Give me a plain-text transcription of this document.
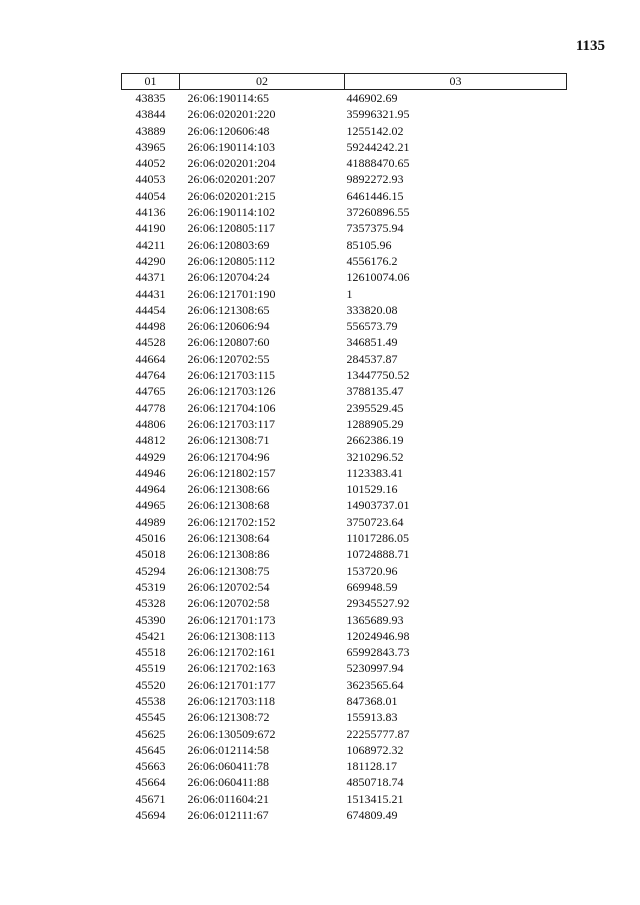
1135
01	02	03
43835	26:06:190114:65	446902.69
43844	26:06:020201:220	35996321.95
43889	26:06:120606:48	1255142.02
43965	26:06:190114:103	59244242.21
44052	26:06:020201:204	41888470.65
44053	26:06:020201:207	9892272.93
44054	26:06:020201:215	6461446.15
44136	26:06:190114:102	37260896.55
44190	26:06:120805:117	7357375.94
44211	26:06:120803:69	85105.96
44290	26:06:120805:112	4556176.2
44371	26:06:120704:24	12610074.06
44431	26:06:121701:190	1
44454	26:06:121308:65	333820.08
44498	26:06:120606:94	556573.79
44528	26:06:120807:60	346851.49
44664	26:06:120702:55	284537.87
44764	26:06:121703:115	13447750.52
44765	26:06:121703:126	3788135.47
44778	26:06:121704:106	2395529.45
44806	26:06:121703:117	1288905.29
44812	26:06:121308:71	2662386.19
44929	26:06:121704:96	3210296.52
44946	26:06:121802:157	1123383.41
44964	26:06:121308:66	101529.16
44965	26:06:121308:68	14903737.01
44989	26:06:121702:152	3750723.64
45016	26:06:121308:64	11017286.05
45018	26:06:121308:86	10724888.71
45294	26:06:121308:75	153720.96
45319	26:06:120702:54	669948.59
45328	26:06:120702:58	29345527.92
45390	26:06:121701:173	1365689.93
45421	26:06:121308:113	12024946.98
45518	26:06:121702:161	65992843.73
45519	26:06:121702:163	5230997.94
45520	26:06:121701:177	3623565.64
45538	26:06:121703:118	847368.01
45545	26:06:121308:72	155913.83
45625	26:06:130509:672	22255777.87
45645	26:06:012114:58	1068972.32
45663	26:06:060411:78	181128.17
45664	26:06:060411:88	4850718.74
45671	26:06:011604:21	1513415.21
45694	26:06:012111:67	674809.49
